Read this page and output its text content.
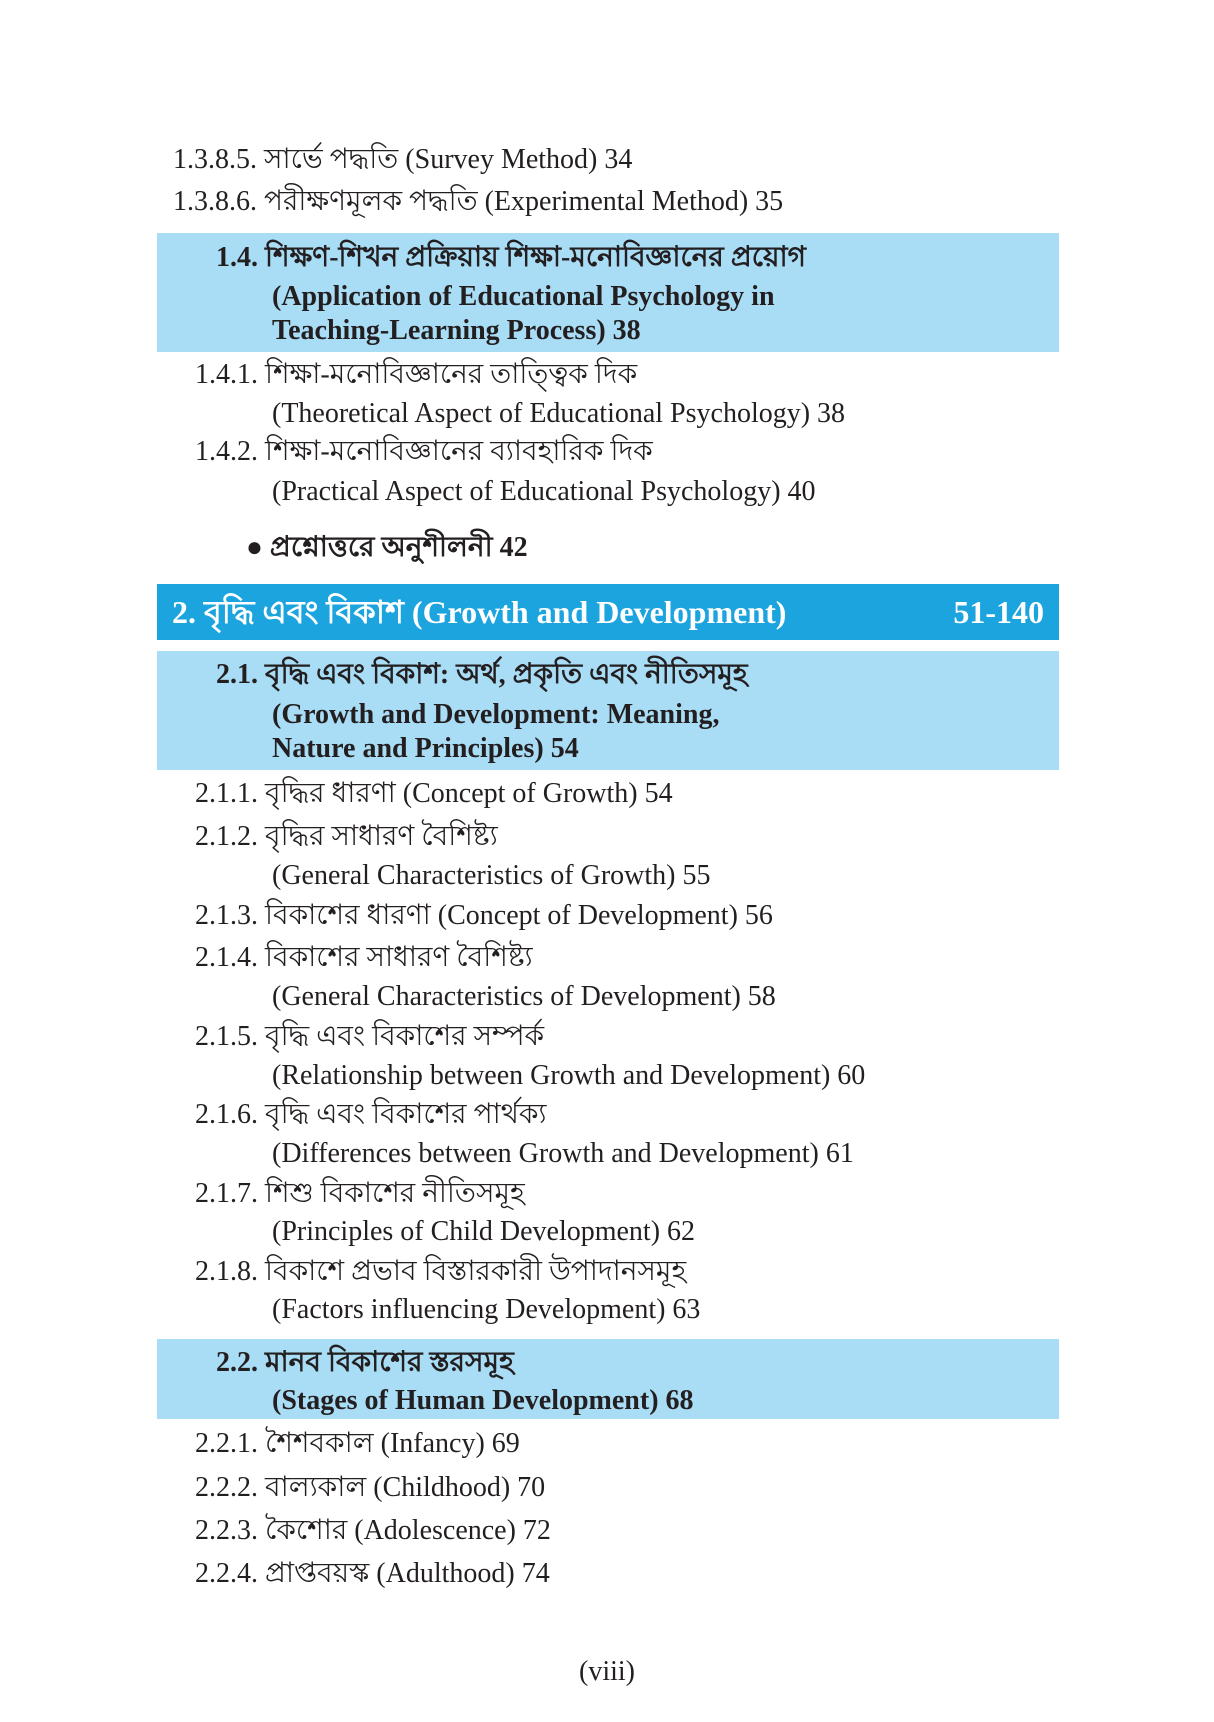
1.3.8.5. সার্ভে পদ্ধতি (Survey Method) 34
1.3.8.6. পরীক্ষণমূলক পদ্ধতি (Experimental Method) 35
1.4. শিক্ষণ-শিখন প্রক্রিয়ায় শিক্ষা-মনোবিজ্ঞানের প্রয়োগ
(Application of Educational Psychology in
Teaching-Learning Process) 38
1.4.1. শিক্ষা-মনোবিজ্ঞানের তাত্ত্বিক দিক
(Theoretical Aspect of Educational Psychology) 38
1.4.2. শিক্ষা-মনোবিজ্ঞানের ব্যাবহারিক দিক
(Practical Aspect of Educational Psychology) 40
● প্রশ্নোত্তরে অনুশীলনী 42
2. বৃদ্ধি এবং বিকাশ (Growth and Development)	51-140
2.1. বৃদ্ধি এবং বিকাশ: অর্থ, প্রকৃতি এবং নীতিসমূহ
(Growth and Development: Meaning,
Nature and Principles) 54
2.1.1. বৃদ্ধির ধারণা (Concept of Growth) 54
2.1.2. বৃদ্ধির সাধারণ বৈশিষ্ট্য
(General Characteristics of Growth) 55
2.1.3. বিকাশের ধারণা (Concept of Development) 56
2.1.4. বিকাশের সাধারণ বৈশিষ্ট্য
(General Characteristics of Development) 58
2.1.5. বৃদ্ধি এবং বিকাশের সম্পর্ক
(Relationship between Growth and Development) 60
2.1.6. বৃদ্ধি এবং বিকাশের পার্থক্য
(Differences between Growth and Development) 61
2.1.7. শিশু বিকাশের নীতিসমূহ
(Principles of Child Development) 62
2.1.8. বিকাশে প্রভাব বিস্তারকারী উপাদানসমূহ
(Factors influencing Development) 63
2.2. মানব বিকাশের স্তরসমূহ
(Stages of Human Development) 68
2.2.1. শৈশবকাল (Infancy) 69
2.2.2. বাল্যকাল (Childhood) 70
2.2.3. কৈশোর (Adolescence) 72
2.2.4. প্রাপ্তবয়স্ক (Adulthood) 74
(viii)
